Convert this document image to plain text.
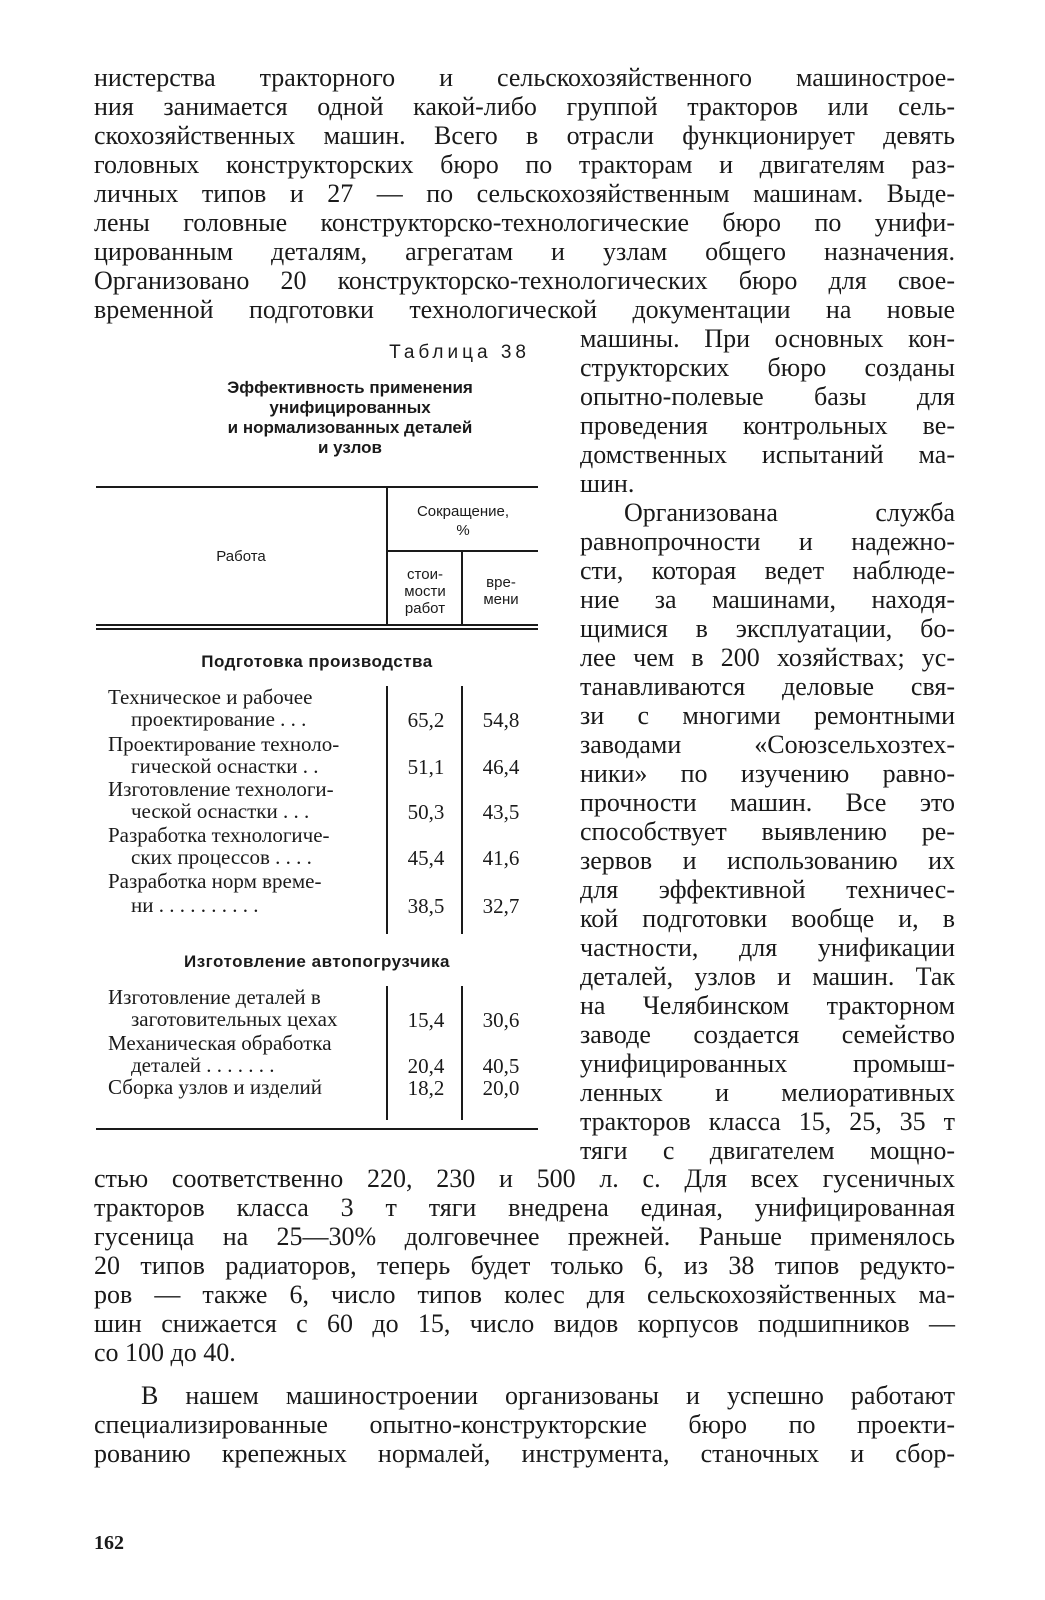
нистерства тракторного и сельскохозяйственного машинострое-
ния занимается одной какой-либо группой тракторов или сель-
скохозяйственных машин. Всего в отрасли функционирует девять
головных конструкторских бюро по тракторам и двигателям раз-
личных типов и 27 — по сельскохозяйственным машинам. Выде-
лены головные конструкторско-технологические бюро по унифи-
цированным деталям, агрегатам и узлам общего назначения.
Организовано 20 конструкторско-технологических бюро для свое-
временной подготовки технологической документации на новые
машины. При основных кон-
структорских бюро созданы
опытно-полевые базы для
проведения контрольных ве-
домственных испытаний ма-
шин.
Организована служба
равнопрочности и надежно-
сти, которая ведет наблюде-
ние за машинами, находя-
щимися в эксплуатации, бо-
лее чем в 200 хозяйствах; ус-
танавливаются деловые свя-
зи с многими ремонтными
заводами «Союзсельхозтех-
ники» по изучению равно-
прочности машин. Все это
способствует выявлению ре-
зервов и использованию их
для эффективной техничес-
кой подготовки вообще и, в
частности, для унификации
деталей, узлов и машин. Так
на Челябинском тракторном
заводе создается семейство
унифицированных промыш-
ленных и мелиоративных
тракторов класса 15, 25, 35 т
тяги с двигателем мощно-
Таблица 38
Эффективность применения
унифицированных
и нормализованных деталей
и узлов
Работа
Сокращение,
%
стои-
мости
работ
вре-
мени
Подготовка производства
Техническое и рабочее
проектирование . . .	65,2	54,8
Проектирование техноло-
гической оснастки . .	51,1	46,4
Изготовление технологи-
ческой оснастки . . .	50,3	43,5
Разработка технологиче-
ских процессов . . . .	45,4	41,6
Разработка норм време-
ни . . . . . . . . . .	38,5	32,7
Изготовление автопогрузчика
Изготовление деталей в
заготовительных цехах	15,4	30,6
Механическая обработка
деталей . . . . . . .	20,4	40,5
Сборка узлов и изделий	18,2	20,0
стью соответственно 220, 230 и 500 л. с. Для всех гусеничных
тракторов класса 3 т тяги внедрена единая, унифицированная
гусеница на 25—30% долговечнее прежней. Раньше применялось
20 типов радиаторов, теперь будет только 6, из 38 типов редукто-
ров — также 6, число типов колес для сельскохозяйственных ма-
шин снижается с 60 до 15, число видов корпусов подшипников —
со 100 до 40.
В нашем машиностроении организованы и успешно работают
специализированные опытно-конструкторские бюро по проекти-
рованию крепежных нормалей, инструмента, станочных и сбор-
162
